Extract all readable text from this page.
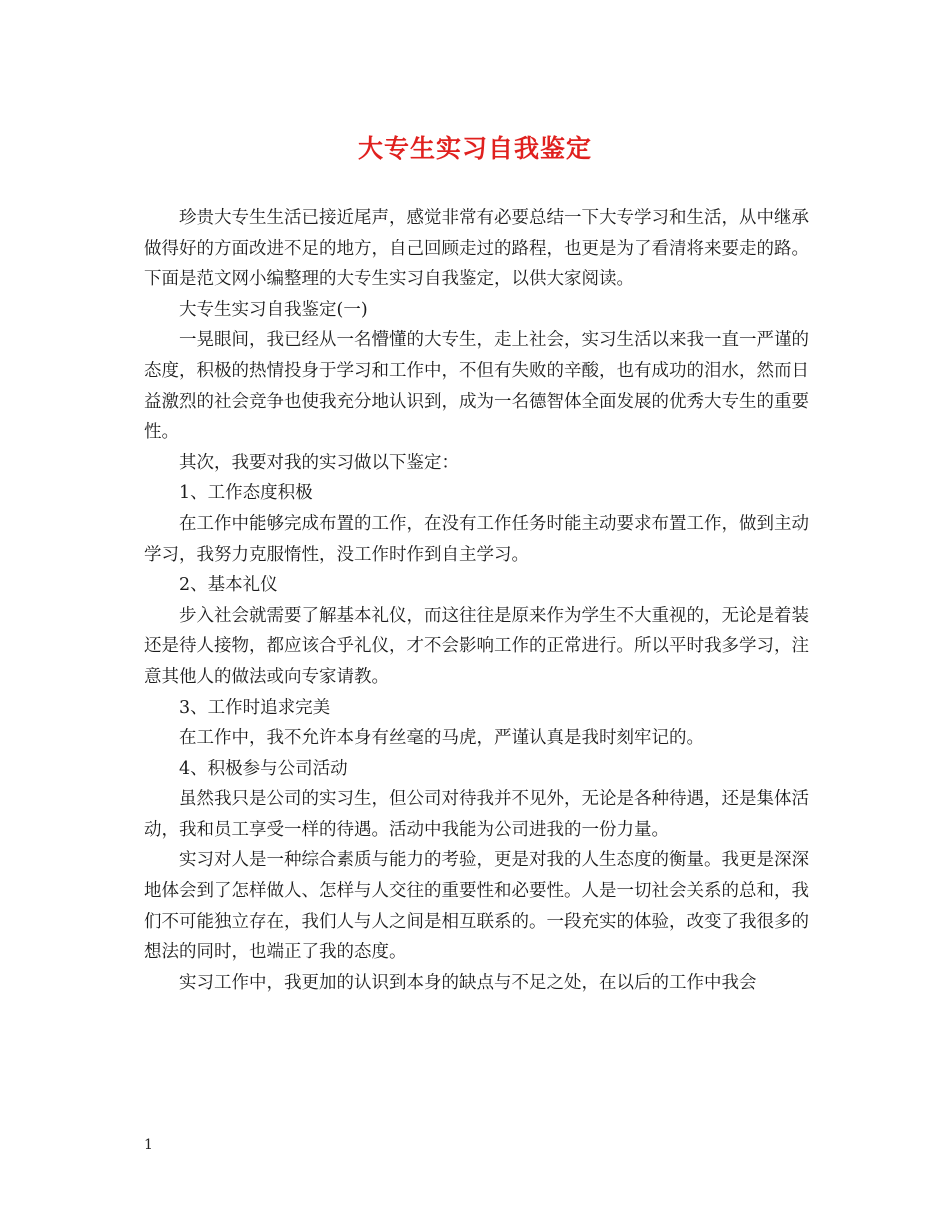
大专生实习自我鉴定

珍贵大专生生活已接近尾声，感觉非常有必要总结一下大专学习和生活，从中继承做得好的方面改进不足的地方，自己回顾走过的路程，也更是为了看清将来要走的路。下面是范文网小编整理的大专生实习自我鉴定，以供大家阅读。

大专生实习自我鉴定(一)

一晃眼间，我已经从一名懵懂的大专生，走上社会，实习生活以来我一直一严谨的态度，积极的热情投身于学习和工作中，不但有失败的辛酸，也有成功的泪水，然而日益激烈的社会竞争也使我充分地认识到，成为一名德智体全面发展的优秀大专生的重要性。

其次，我要对我的实习做以下鉴定：

1、工作态度积极

在工作中能够完成布置的工作，在没有工作任务时能主动要求布置工作，做到主动学习，我努力克服惰性，没工作时作到自主学习。

2、基本礼仪

步入社会就需要了解基本礼仪，而这往往是原来作为学生不大重视的，无论是着装还是待人接物，都应该合乎礼仪，才不会影响工作的正常进行。所以平时我多学习，注意其他人的做法或向专家请教。

3、工作时追求完美

在工作中，我不允许本身有丝毫的马虎，严谨认真是我时刻牢记的。

4、积极参与公司活动

虽然我只是公司的实习生，但公司对待我并不见外，无论是各种待遇，还是集体活动，我和员工享受一样的待遇。活动中我能为公司进我的一份力量。

实习对人是一种综合素质与能力的考验，更是对我的人生态度的衡量。我更是深深地体会到了怎样做人、怎样与人交往的重要性和必要性。人是一切社会关系的总和，我们不可能独立存在，我们人与人之间是相互联系的。一段充实的体验，改变了我很多的想法的同时，也端正了我的态度。

实习工作中，我更加的认识到本身的缺点与不足之处，在以后的工作中我会

1
